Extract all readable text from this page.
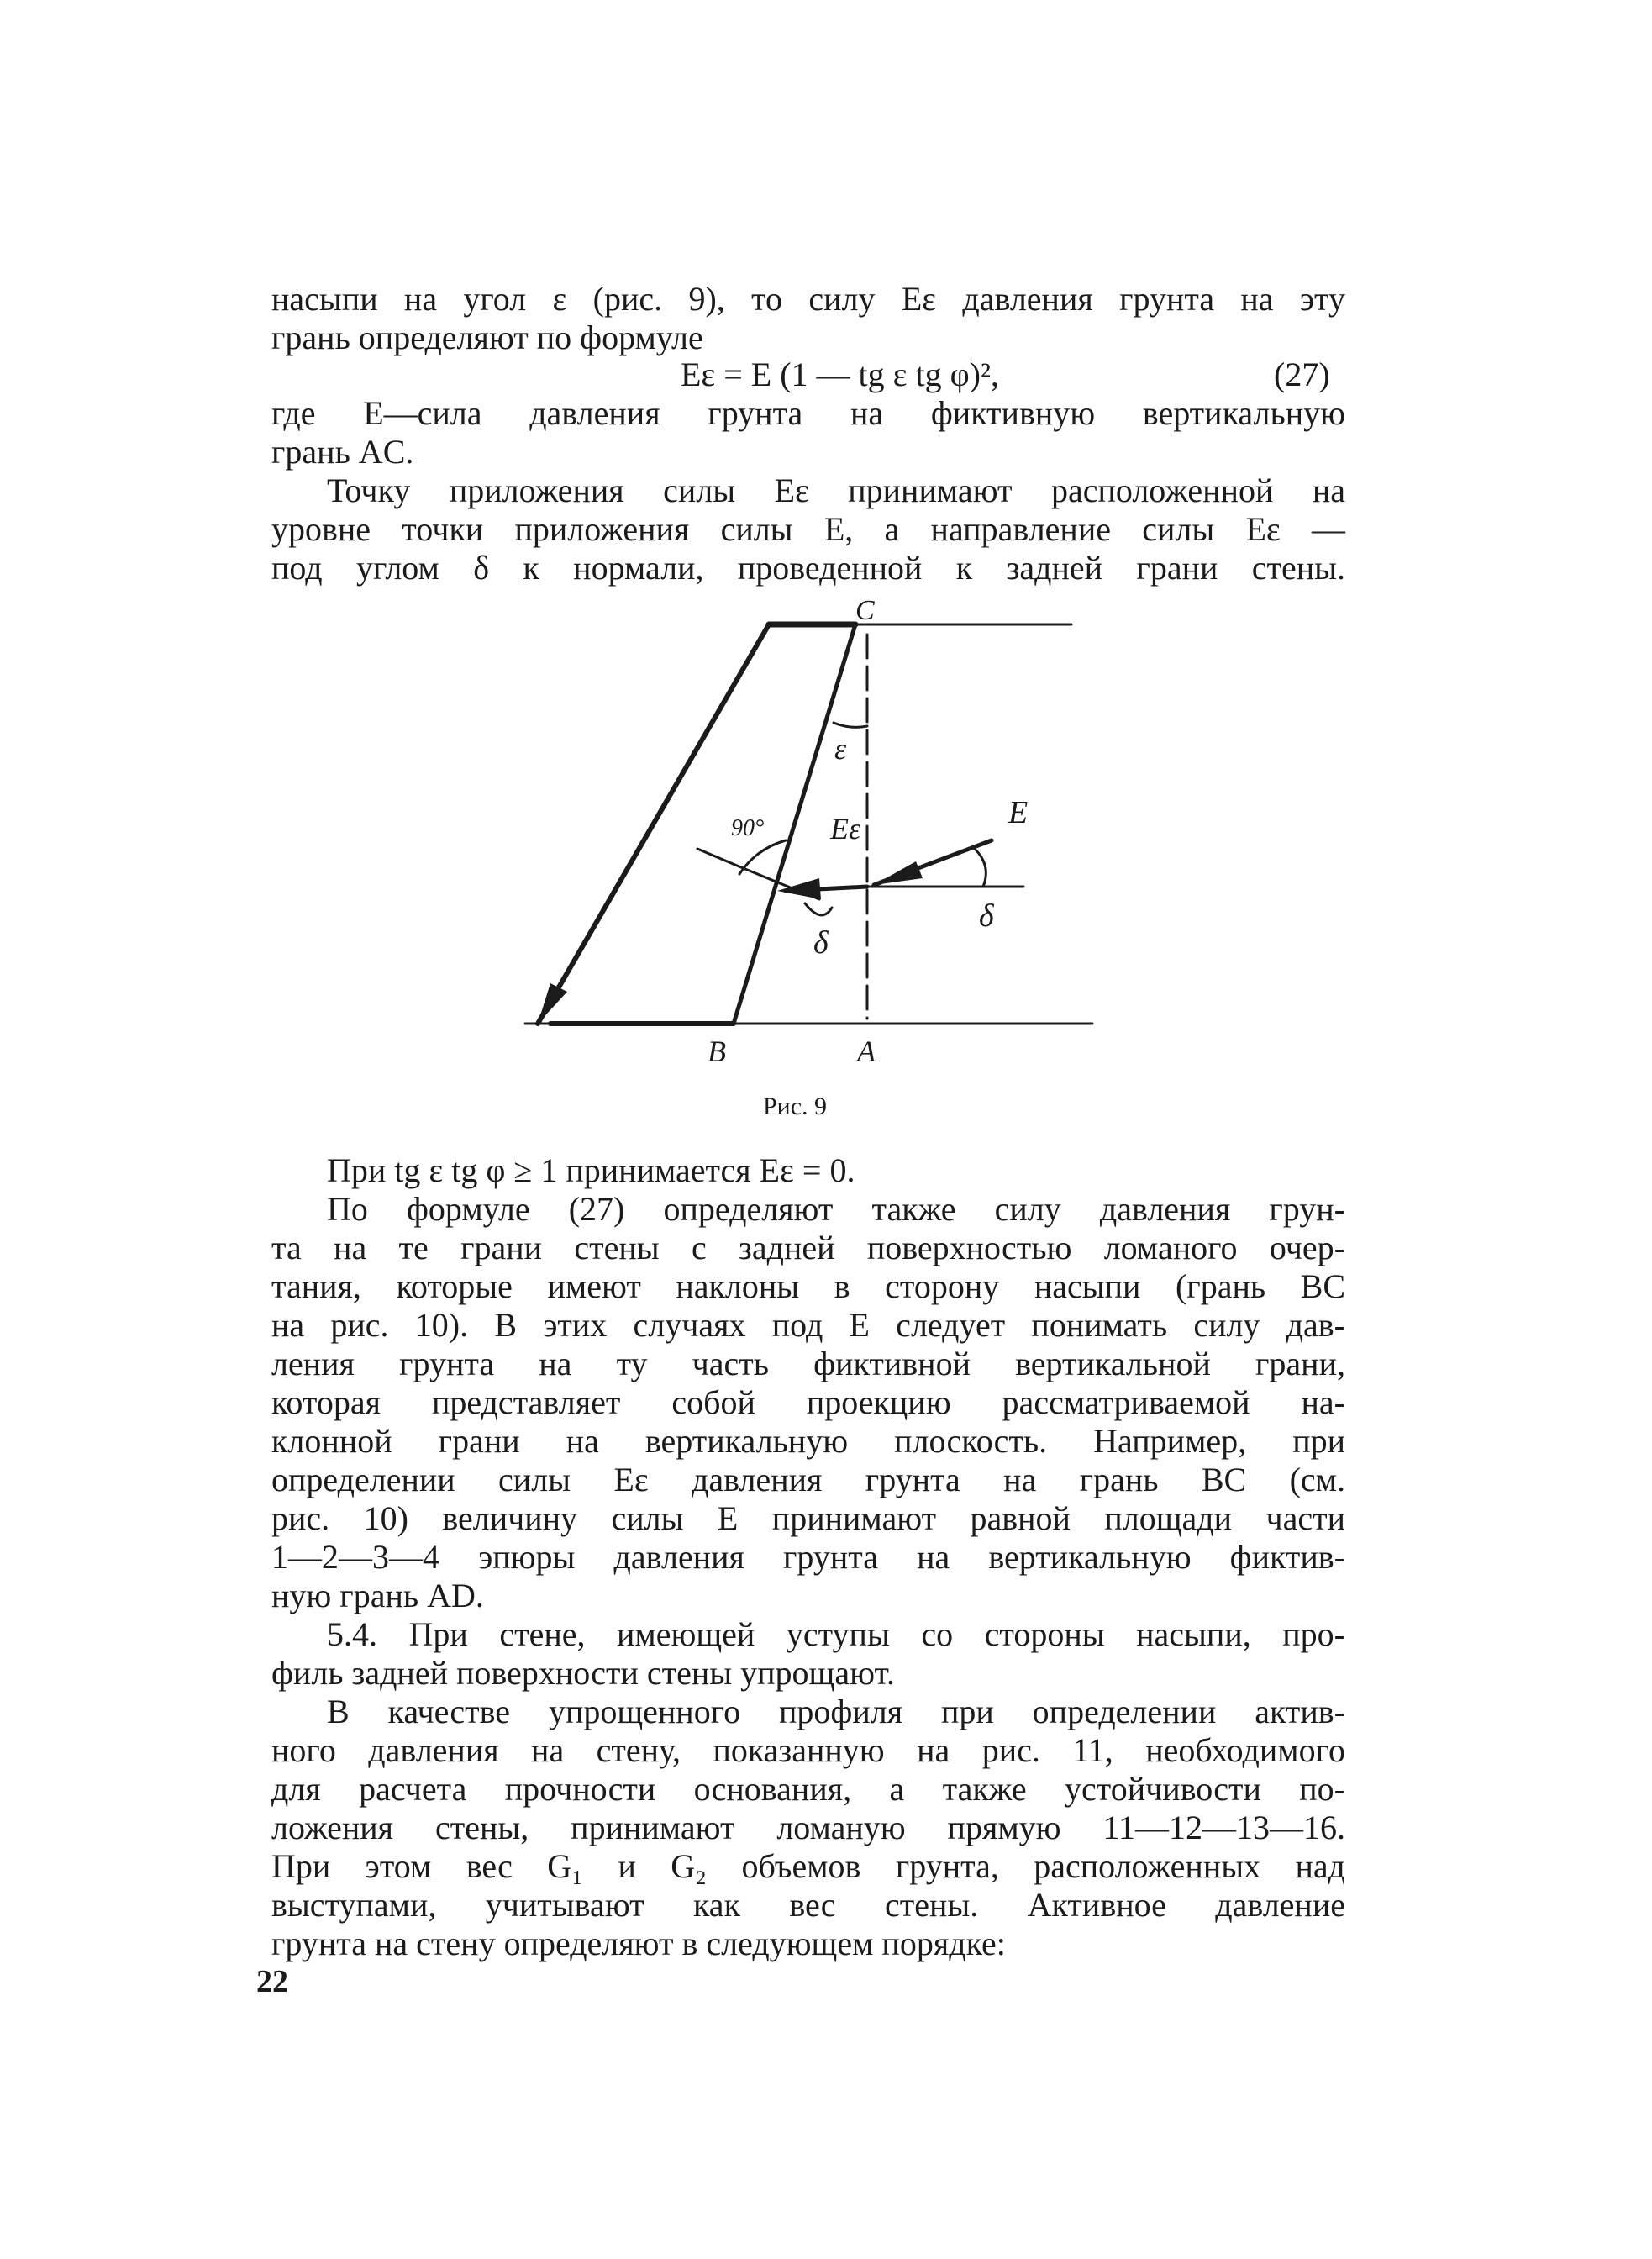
насыпи на угол ε (рис. 9), то силу Eε давления грунта на эту
грань определяют по формуле
Eε = E (1 — tg ε tg φ)²,	(27)
где E—сила давления грунта на фиктивную вертикальную
грань AC.
Точку приложения силы Eε принимают расположенной на
уровне точки приложения силы E, а направление силы Eε —
под углом δ к нормали, проведенной к задней грани стены.
C
ε
90° Eε	E
δ
δ
B	A
Рис. 9
При tg ε tg φ ≥ 1 принимается Eε = 0.
По формуле (27) определяют также силу давления грун-
та на те грани стены с задней поверхностью ломаного очер-
тания, которые имеют наклоны в сторону насыпи (грань BC
на рис. 10). В этих случаях под E следует понимать силу дав-
ления грунта на ту часть фиктивной вертикальной грани,
которая представляет собой проекцию рассматриваемой на-
клонной грани на вертикальную плоскость. Например, при
определении силы Eε давления грунта на грань BC (см.
рис. 10) величину силы E принимают равной площади части
1—2—3—4 эпюры давления грунта на вертикальную фиктив-
ную грань AD.
5.4. При стене, имеющей уступы со стороны насыпи, про-
филь задней поверхности стены упрощают.
В качестве упрощенного профиля при определении актив-
ного давления на стену, показанную на рис. 11, необходимого
для расчета прочности основания, а также устойчивости по-
ложения стены, принимают ломаную прямую 11—12—13—16.
При этом вес G₁ и G₂ объемов грунта, расположенных над
выступами, учитывают как вес стены. Активное давление
грунта на стену определяют в следующем порядке:
22
